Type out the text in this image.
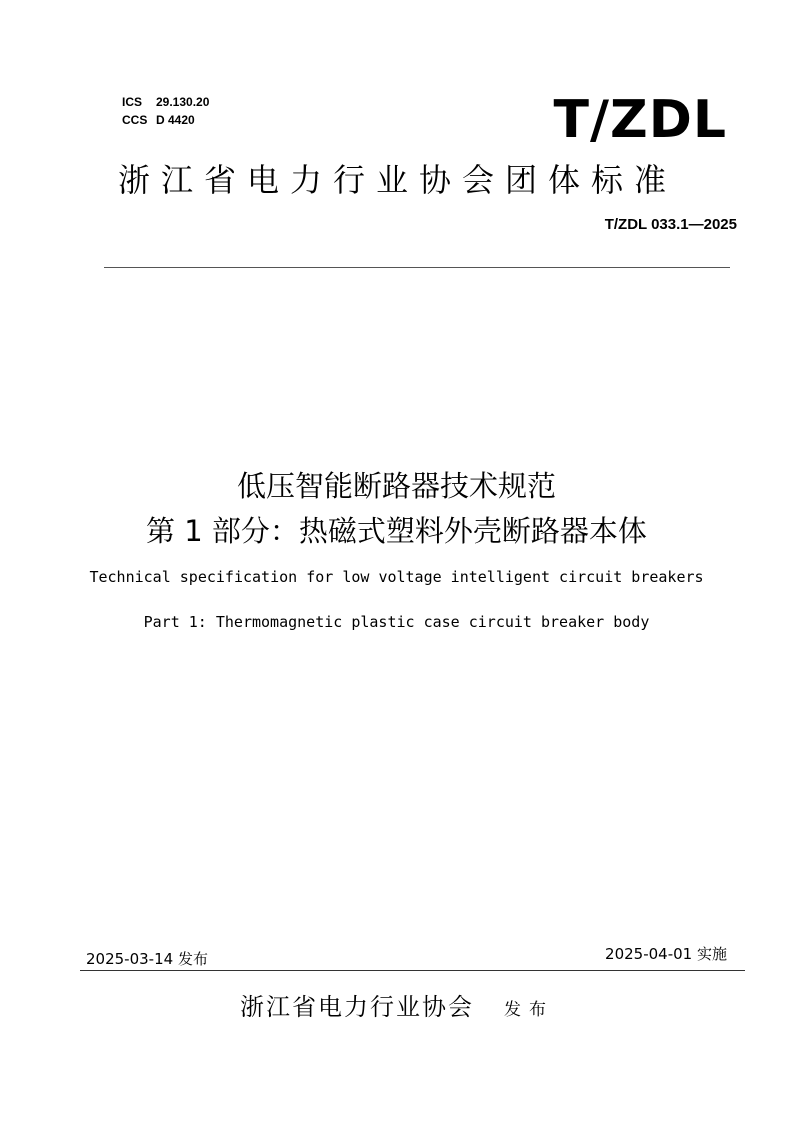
ICS 29.130.20
CCS D 4420	T/ZDL
浙江省电力行业协会团体标准
T/ZDL 033.1—2025
低压智能断路器技术规范
第 1 部分：热磁式塑料外壳断路器本体
Technical specification for low voltage intelligent circuit breakers
Part 1: Thermomagnetic plastic case circuit breaker body
2025-03-14 发布	2025-04-01 实施
浙江省电力行业协会 发布
